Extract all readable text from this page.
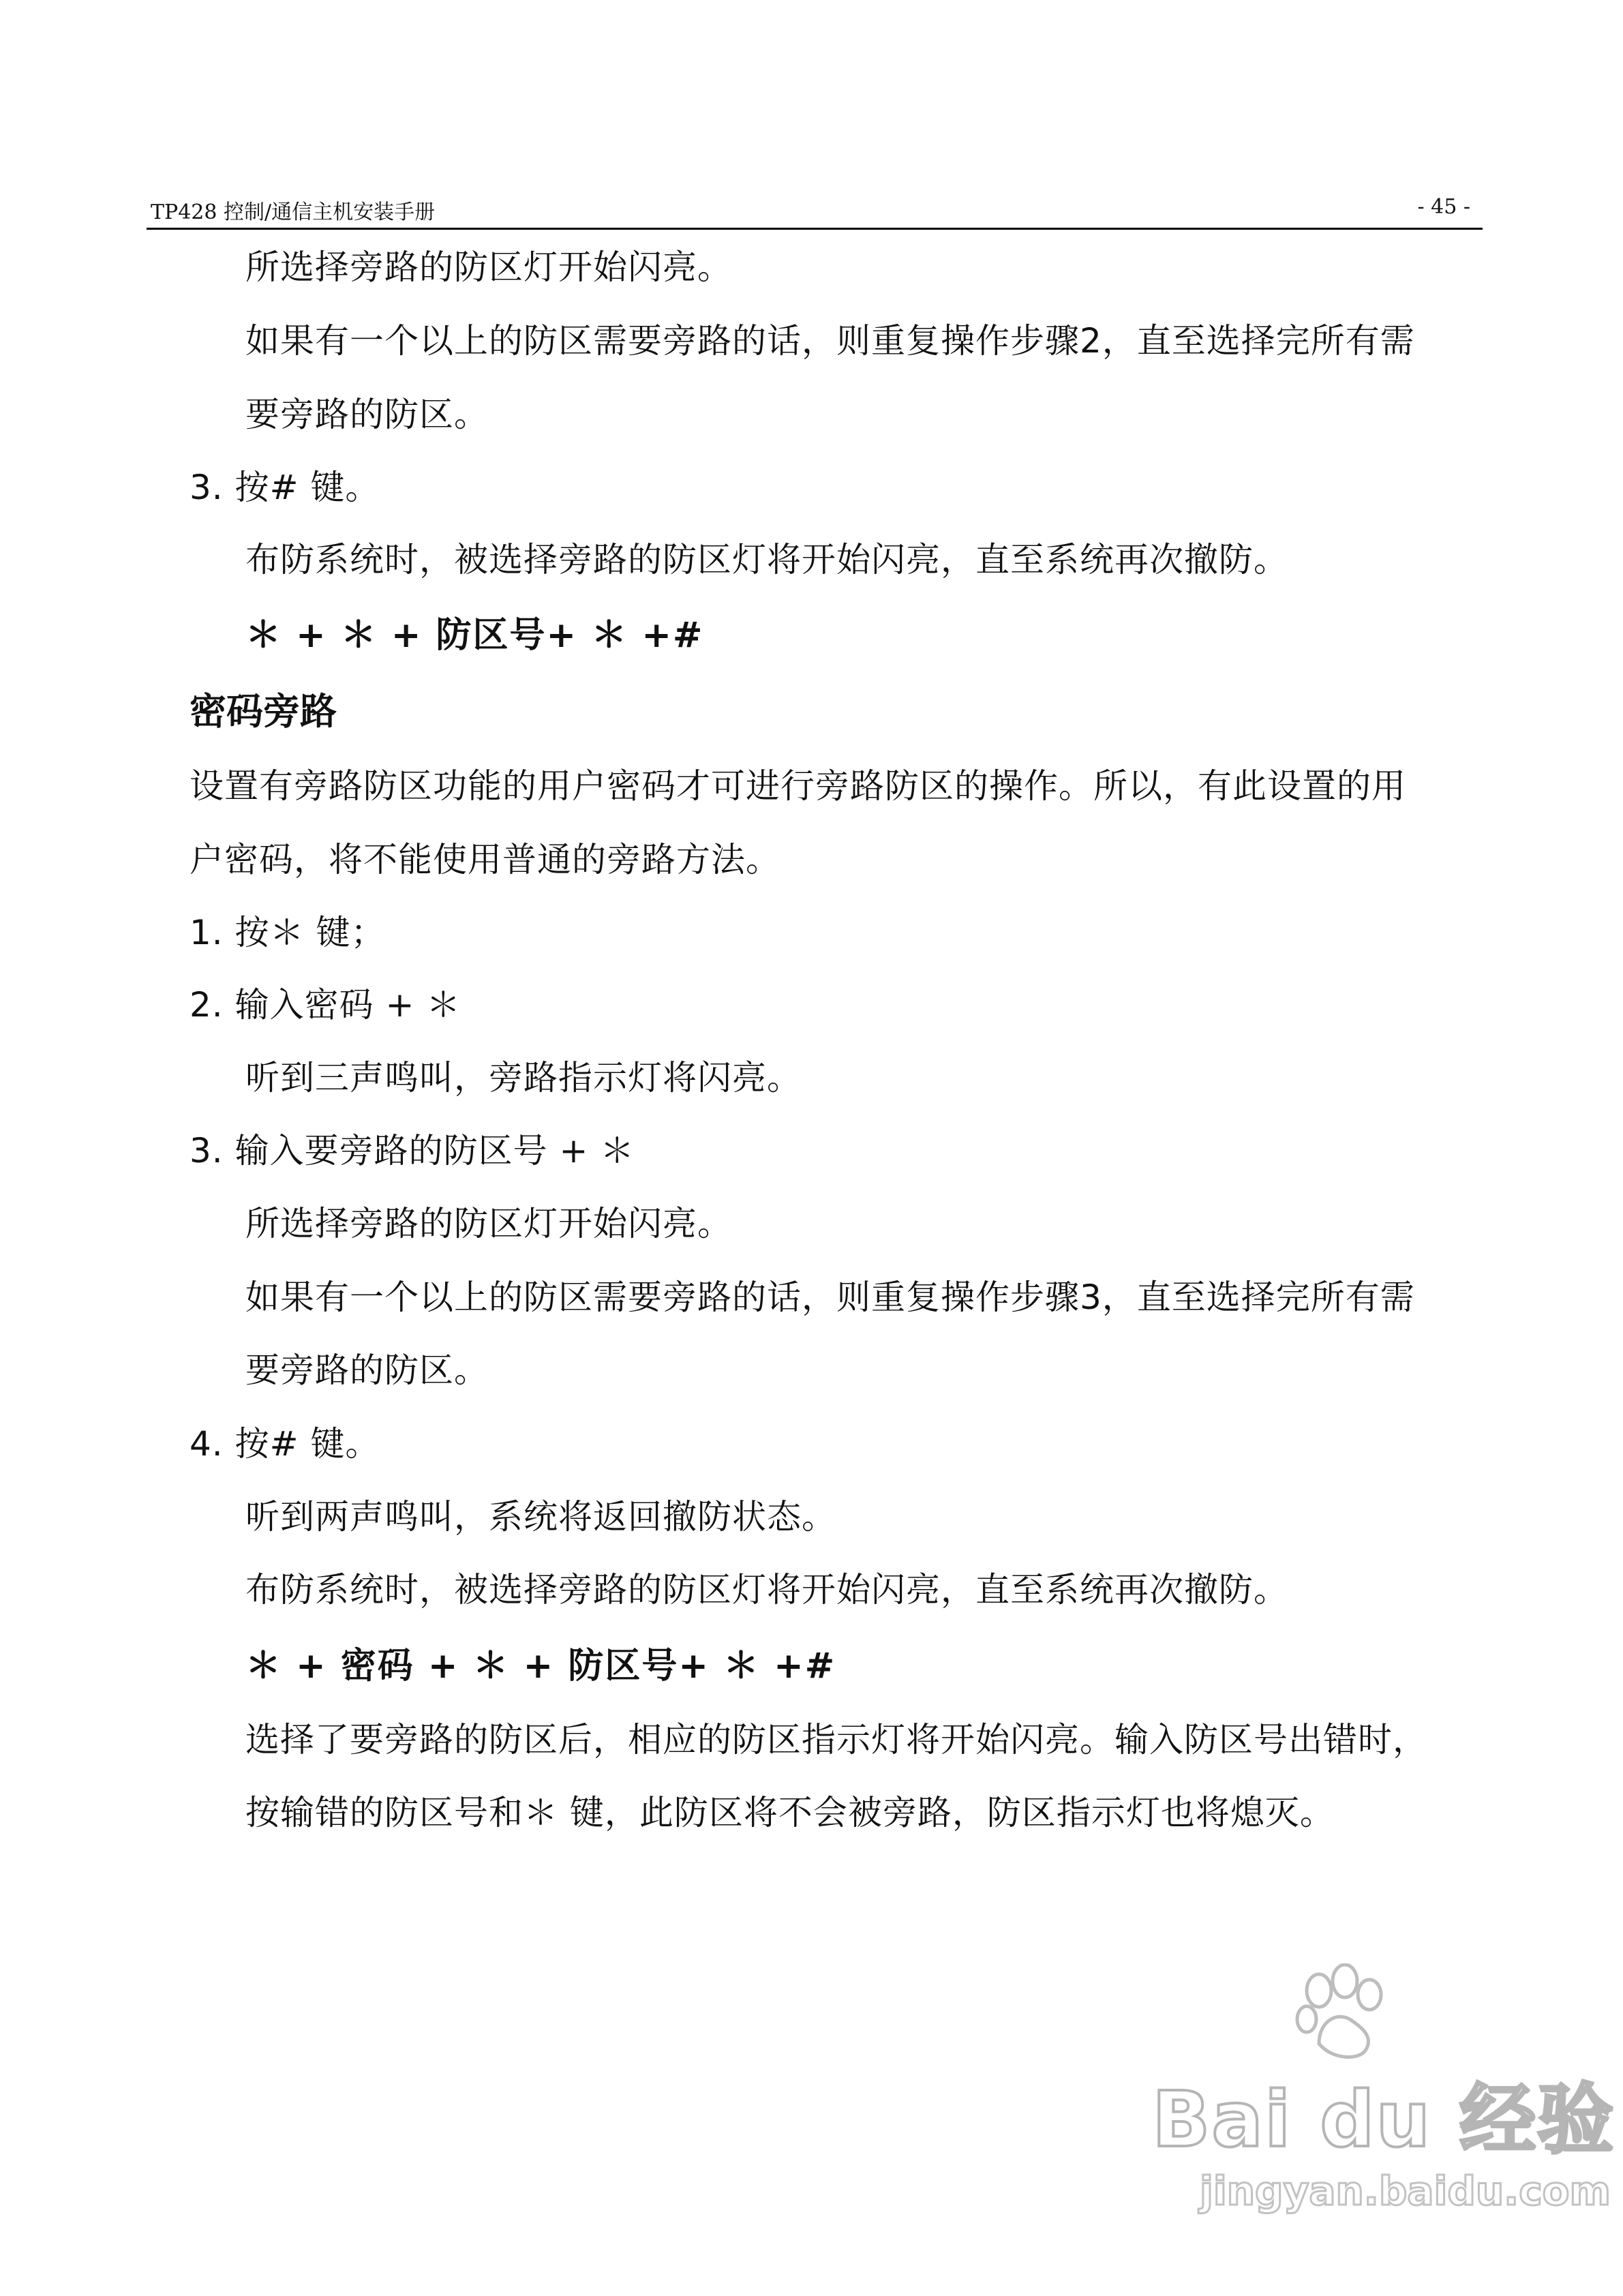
TP428 控制/通信主机安装手册	- 45 -
所选择旁路的防区灯开始闪亮。
如果有一个以上的防区需要旁路的话，则重复操作步骤2，直至选择完所有需
要旁路的防区。
3. 按# 键。
布防系统时，被选择旁路的防区灯将开始闪亮，直至系统再次撤防。
＊ + ＊ + 防区号+ ＊ +#
密码旁路
设置有旁路防区功能的用户密码才可进行旁路防区的操作。所以，有此设置的用
户密码，将不能使用普通的旁路方法。
1. 按＊ 键；
2. 输入密码 + ＊
听到三声鸣叫，旁路指示灯将闪亮。
3. 输入要旁路的防区号 + ＊
所选择旁路的防区灯开始闪亮。
如果有一个以上的防区需要旁路的话，则重复操作步骤3，直至选择完所有需
要旁路的防区。
4. 按# 键。
听到两声鸣叫，系统将返回撤防状态。
布防系统时，被选择旁路的防区灯将开始闪亮，直至系统再次撤防。
＊ + 密码 + ＊ + 防区号+ ＊ +#
选择了要旁路的防区后，相应的防区指示灯将开始闪亮。输入防区号出错时，
按输错的防区号和＊ 键，此防区将不会被旁路，防区指示灯也将熄灭。
Bai du 经验
jingyan.baidu.com
